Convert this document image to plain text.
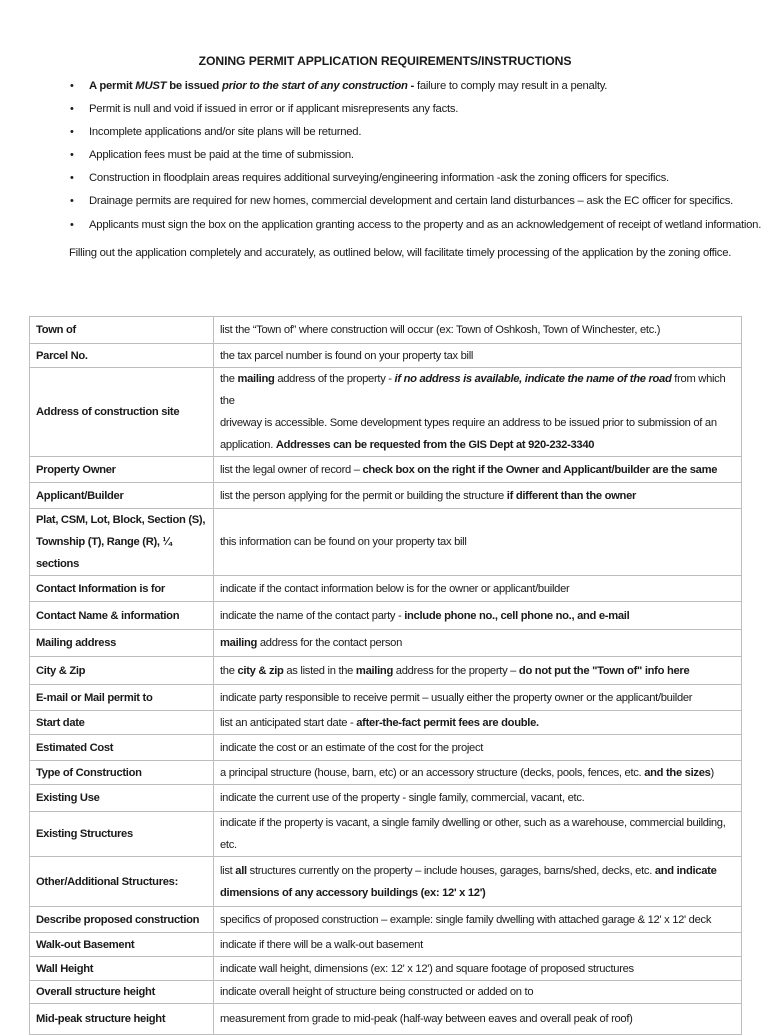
ZONING PERMIT APPLICATION REQUIREMENTS/INSTRUCTIONS
• A permit MUST be issued prior to the start of any construction - failure to comply may result in a penalty.
• Permit is null and void if issued in error or if applicant misrepresents any facts.
• Incomplete applications and/or site plans will be returned.
• Application fees must be paid at the time of submission.
• Construction in floodplain areas requires additional surveying/engineering information -ask the zoning officers for specifics.
• Drainage permits are required for new homes, commercial development and certain land disturbances – ask the EC officer for specifics.
• Applicants must sign the box on the application granting access to the property and as an acknowledgement of receipt of wetland information.
Filling out the application completely and accurately, as outlined below, will facilitate timely processing of the application by the zoning office.
Town of	list the “Town of” where construction will occur (ex: Town of Oshkosh, Town of Winchester, etc.)
Parcel No.	the tax parcel number is found on your property tax bill
Address of construction site	the mailing address of the property - if no address is available, indicate the name of the road from which the
driveway is accessible. Some development types require an address to be issued prior to submission of an
application. Addresses can be requested from the GIS Dept at 920-232-3340

Property Owner	list the legal owner of record – check box on the right if the Owner and Applicant/builder are the same
Applicant/Builder	list the person applying for the permit or building the structure if different than the owner

Plat, CSM, Lot, Block, Section (S),
Township (T), Range (R), ¼ sections	this information can be found on your property tax bill
Contact Information is for	indicate if the contact information below is for the owner or applicant/builder
Contact Name & information	indicate the name of the contact party - include phone no., cell phone no., and e-mail
Mailing address	mailing address for the contact person
City & Zip	the city & zip as listed in the mailing address for the property – do not put the "Town of" info here
E-mail or Mail permit to	indicate party responsible to receive permit – usually either the property owner or the applicant/builder
Start date	list an anticipated start date - after-the-fact permit fees are double.
Estimated Cost	indicate the cost or an estimate of the cost for the project
Type of Construction	a principal structure (house, barn, etc) or an accessory structure (decks, pools, fences, etc. and the sizes)
Existing Use	indicate the current use of the property - single family, commercial, vacant, etc.
Existing Structures	indicate if the property is vacant, a single family dwelling or other, such as a warehouse, commercial building, etc.
Other/Additional Structures:	list all structures currently on the property – include houses, garages, barns/shed, decks, etc. and indicate
dimensions of any accessory buildings (ex: 12' x 12')

Describe proposed construction	specifics of proposed construction – example: single family dwelling with attached garage & 12' x 12' deck
Walk-out Basement	indicate if there will be a walk-out basement
Wall Height	indicate wall height, dimensions (ex: 12' x 12') and square footage of proposed structures
Overall structure height	indicate overall height of structure being constructed or added on to
Mid-peak structure height	measurement from grade to mid-peak (half-way between eaves and overall peak of roof)
